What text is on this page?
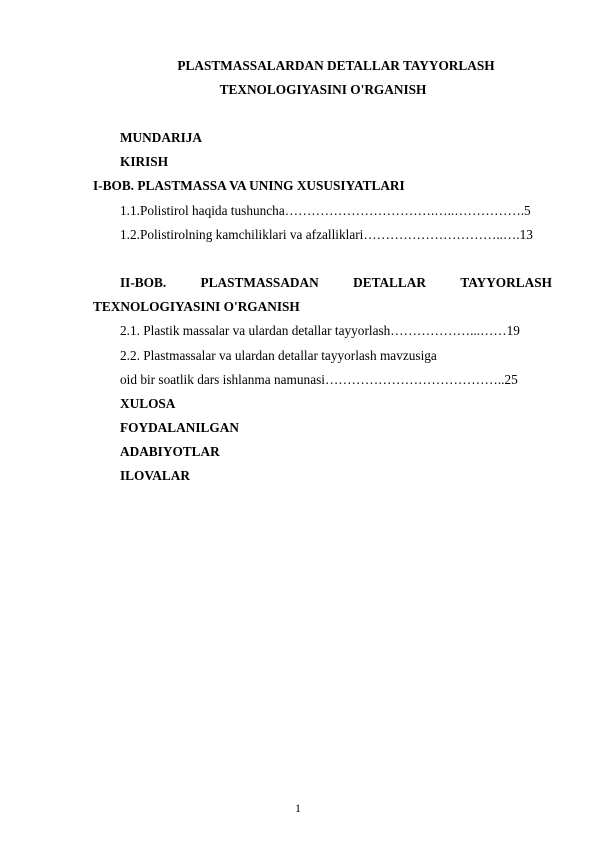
PLASTMASSALARDAN DETALLAR TAYYORLASH
TEXNOLOGIYASINI O'RGANISH
MUNDARIJA
KIRISH
I-BOB. PLASTMASSA VA UNING XUSUSIYATLARI
1.1.Polistirol haqida tushuncha…………………………….…..…………….5
1.2.Polistirolning kamchiliklari va afzalliklari…………………………..….13
II-BOB.	PLASTMASSADAN	DETALLAR	TAYYORLASH
TEXNOLOGIYASINI O'RGANISH
2.1. Plastik massalar va ulardan detallar tayyorlash………………...……19
2.2. Plastmassalar va ulardan detallar tayyorlash mavzusiga
oid bir soatlik dars ishlanma namunasi…………………………………..25
XULOSA
FOYDALANILGAN
ADABIYOTLAR
ILOVALAR
1
